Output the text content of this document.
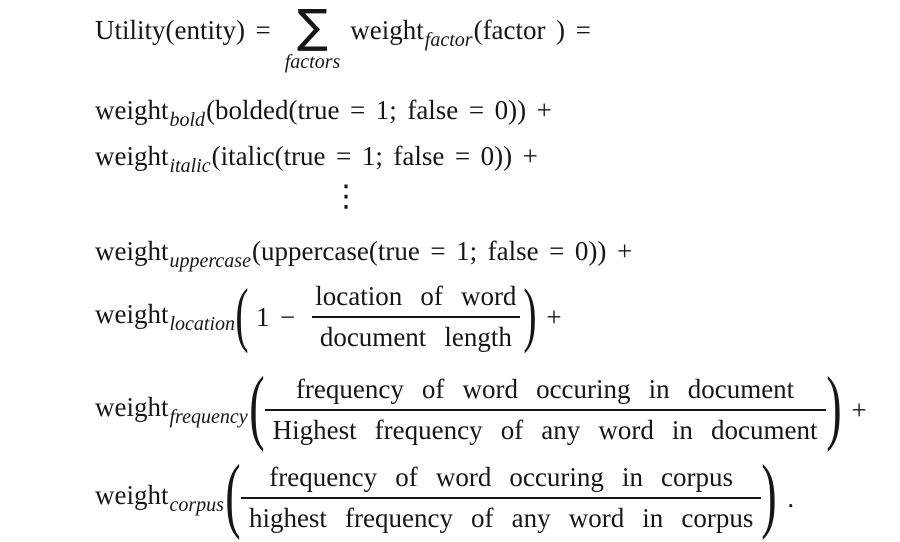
Utility(entity) = ∑
factors
weight$_{factor}$(factor ) =
weight$_{bold}$(bolded(true = 1; false = 0)) +
weight$_{italic}$(italic(true = 1; false = 0)) +
⋮
weight$_{uppercase}$(uppercase(true = 1; false = 0)) +
weight$_{location}$ ( $1 - \frac{\text{location of word}}{\text{document length}}$ ) +
weight$_{frequency}$ ( $\frac{\text{frequency of word occuring in document}}{\text{Highest frequency of any word in document}}$ ) +
weight$_{corpus}$ ( $\frac{\text{frequency of word occuring in corpus}}{\text{highest frequency of any word in corpus}}$ ) .
